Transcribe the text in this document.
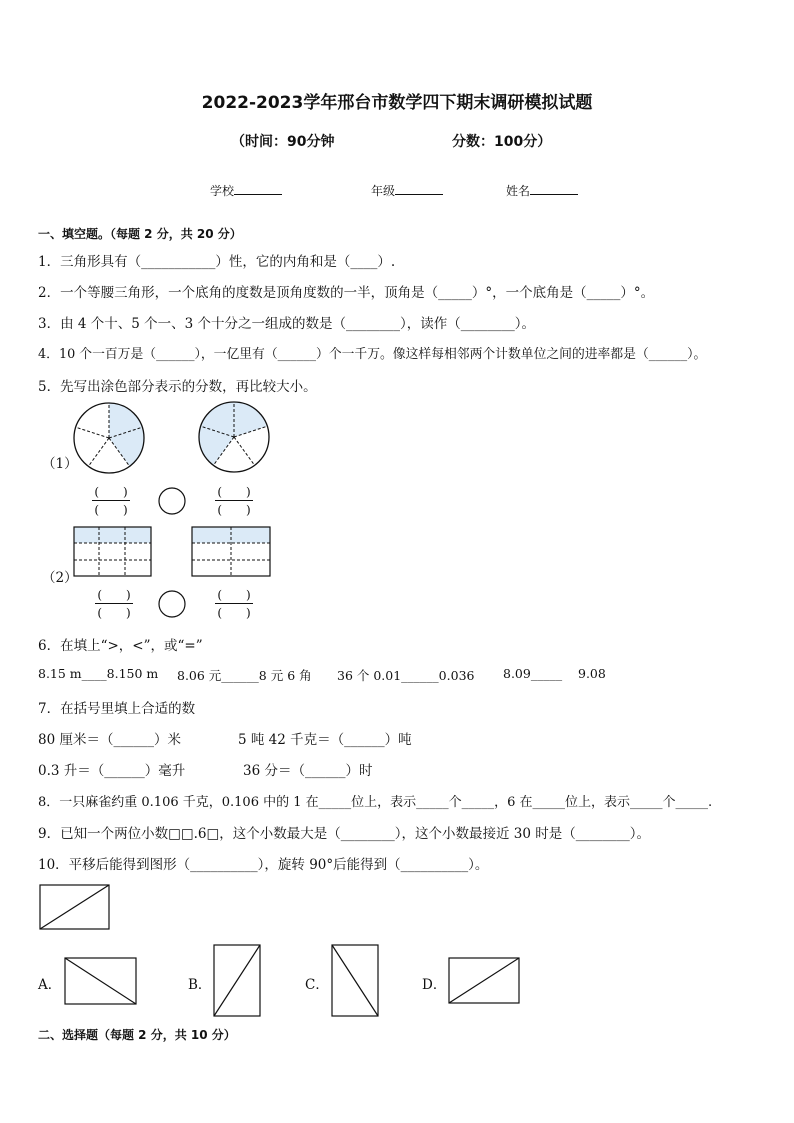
2022-2023学年邢台市数学四下期末调研模拟试题
（时间：90分钟	分数：100分）
学校	年级	姓名
一、填空题。（每题 2 分，共 20 分）
1．三角形具有（___________）性，它的内角和是（____）.
2．一个等腰三角形，一个底角的度数是顶角度数的一半，顶角是（_____）°，一个底角是（_____）°。
3．由 4 个十、5 个一、3 个十分之一组成的数是（________），读作（________）。
4．10 个一百万是（______），一亿里有（______）个一千万。像这样每相邻两个计数单位之间的进率都是（______）。
5．先写出涂色部分表示的分数，再比较大小。
（1）
（2）
(　　)
(　　)
(　　)
(　　)
(　　)
(　　)
(　　)
(　　)
6．在填上“>，<”，或“=”
8.15 m____8.150 m 8.06 元______8 元 6 角 36 个 0.01______0.036 8.09_____ 9.08
7．在括号里填上合适的数
80 厘米＝（______）米	5 吨 42 千克＝（______）吨
0.3 升＝（______）毫升	36 分＝（______）时
8．一只麻雀约重 0.106 千克，0.106 中的 1 在_____位上，表示_____个_____，6 在_____位上，表示_____个_____.
9．已知一个两位小数□□.6□，这个小数最大是（________），这个小数最接近 30 时是（________）。
10．平移后能得到图形（__________），旋转 90°后能得到（__________）。
A．	B．	C．	D．
二、选择题（每题 2 分，共 10 分）
